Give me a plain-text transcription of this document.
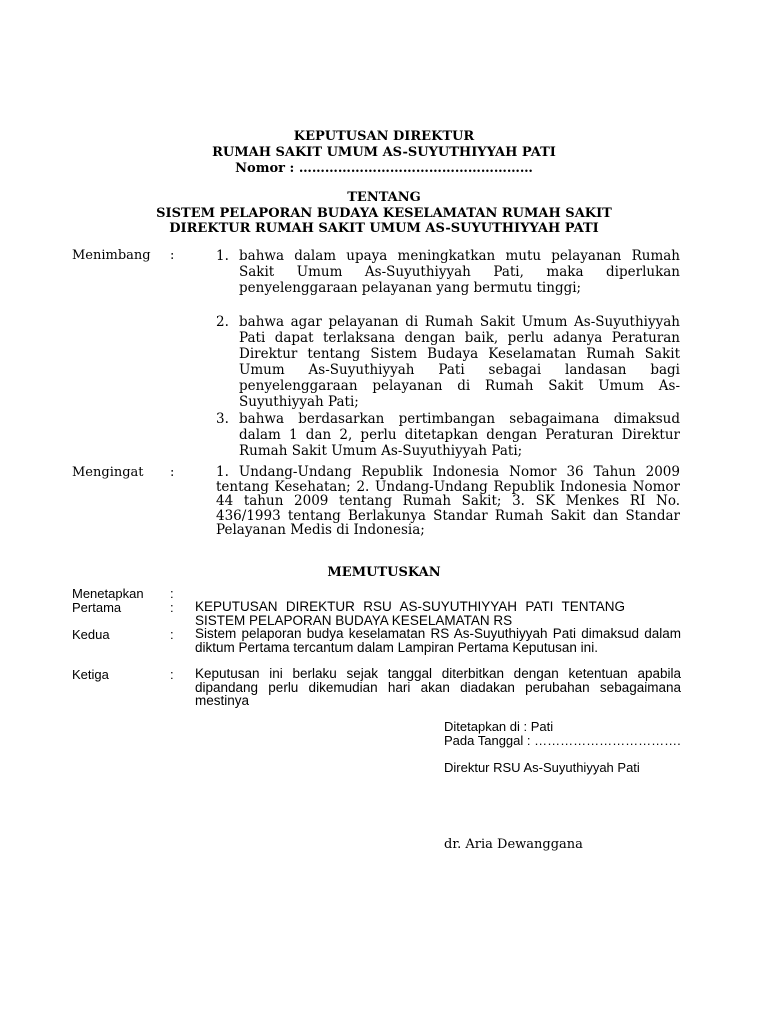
KEPUTUSAN DIREKTUR
RUMAH SAKIT UMUM AS-SUYUTHIYYAH PATI
Nomor : ………………………………………………
TENTANG
SISTEM PELAPORAN BUDAYA KESELAMATAN RUMAH SAKIT
DIREKTUR RUMAH SAKIT UMUM AS-SUYUTHIYYAH PATI
Menimbang :	1. bahwa dalam upaya meningkatkan mutu pelayanan Rumah Sakit Umum As-Suyuthiyyah Pati, maka diperlukan penyelenggaraan pelayanan yang bermutu tinggi;
2. bahwa agar pelayanan di Rumah Sakit Umum As-Suyuthiyyah Pati dapat terlaksana dengan baik, perlu adanya Peraturan Direktur tentang Sistem Budaya Keselamatan Rumah Sakit Umum As-Suyuthiyyah Pati sebagai landasan bagi penyelenggaraan pelayanan di Rumah Sakit Umum As-Suyuthiyyah Pati;
3. bahwa berdasarkan pertimbangan sebagaimana dimaksud dalam 1 dan 2, perlu ditetapkan dengan Peraturan Direktur Rumah Sakit Umum As-Suyuthiyyah Pati;
Mengingat :	1. Undang-Undang Republik Indonesia Nomor 36 Tahun 2009 tentang Kesehatan; 2. Undang-Undang Republik Indonesia Nomor 44 tahun 2009 tentang Rumah Sakit; 3. SK Menkes RI No. 436/1993 tentang Berlakunya Standar Rumah Sakit dan Standar Pelayanan Medis di Indonesia;
MEMUTUSKAN
Menetapkan :
Pertama	: KEPUTUSAN DIREKTUR RSU AS-SUYUTHIYYAH PATI TENTANG SISTEM PELAPORAN BUDAYA KESELAMATAN RS
Kedua	: Sistem pelaporan budya keselamatan RS As-Suyuthiyyah Pati dimaksud dalam diktum Pertama tercantum dalam Lampiran Pertama Keputusan ini.
Ketiga	: Keputusan ini berlaku sejak tanggal diterbitkan dengan ketentuan apabila dipandang perlu dikemudian hari akan diadakan perubahan sebagaimana mestinya
Ditetapkan di : Pati
Pada Tanggal : …………………………….
Direktur RSU As-Suyuthiyyah Pati
dr. Aria Dewanggana
